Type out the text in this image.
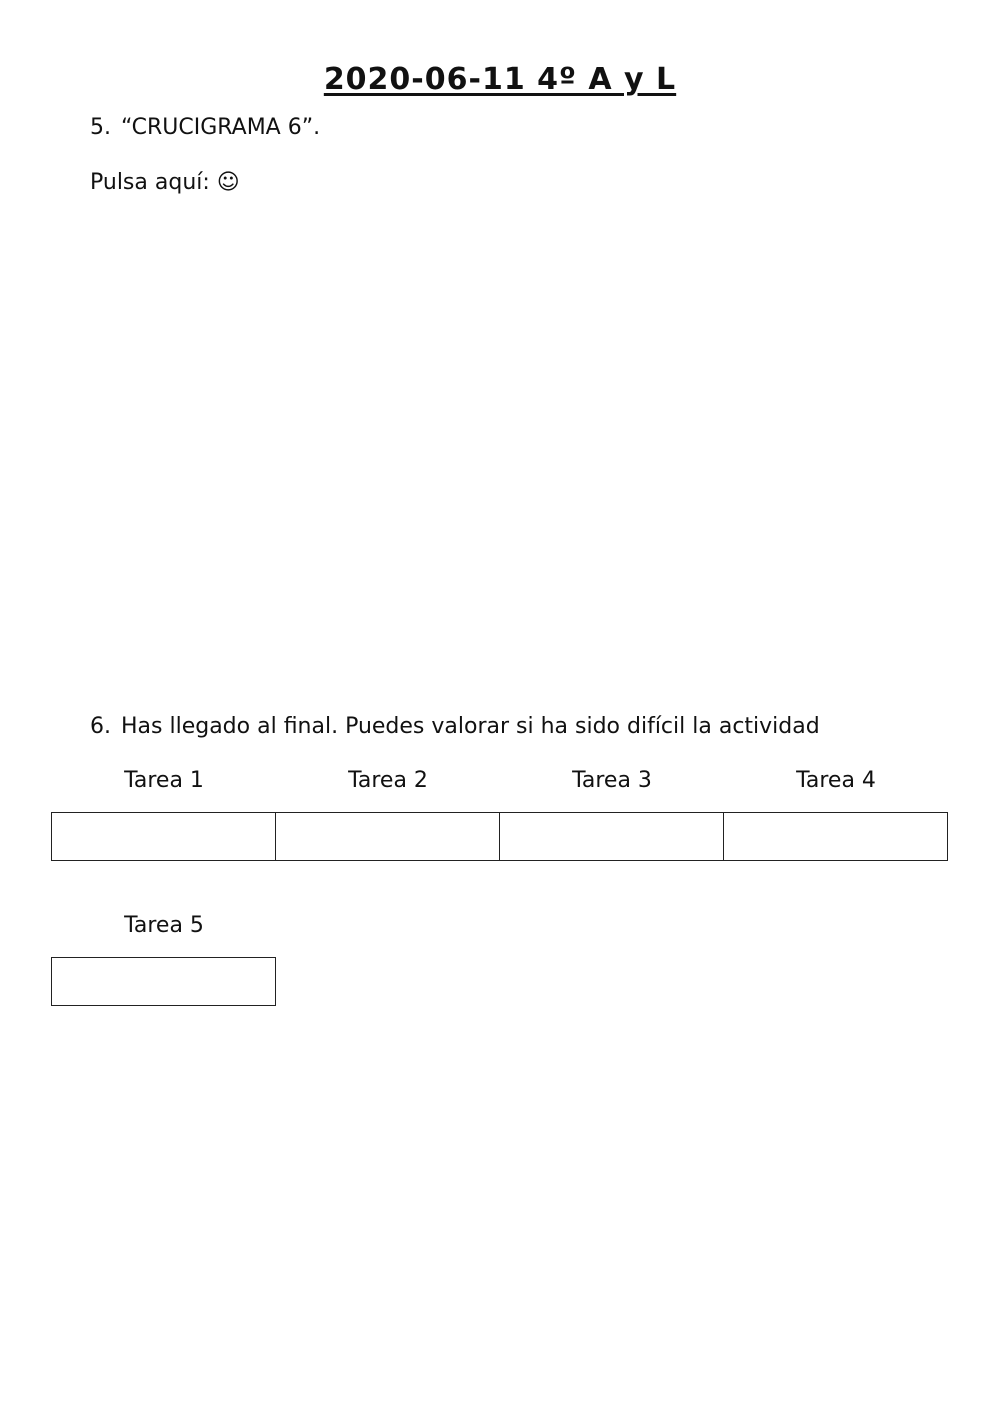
2020-06-11 4º A y L
5. “CRUCIGRAMA 6”.
Pulsa aquí: ☺
6. Has llegado al final. Puedes valorar si ha sido difícil la actividad
Tarea 1	Tarea 2	Tarea 3	Tarea 4
Tarea 5
